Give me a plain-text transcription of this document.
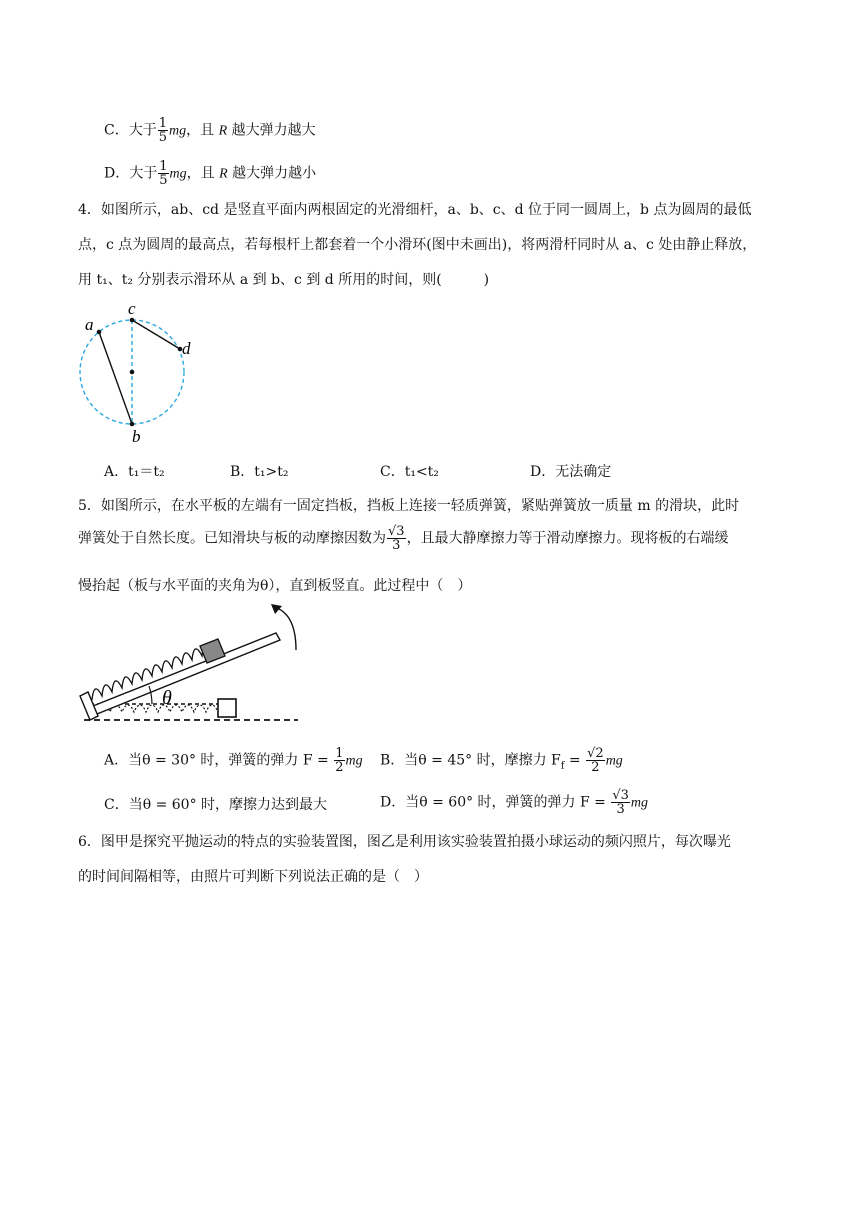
C．大于 $\frac{1}{5}$ mg，且 R 越大弹力越大
D．大于 $\frac{1}{5}$ mg，且 R 越大弹力越小
4．如图所示，ab、cd 是竖直平面内两根固定的光滑细杆，a、b、c、d 位于同一圆周上，b 点为圆周的最低
点，c 点为圆周的最高点，若每根杆上都套着一个小滑环(图中未画出)，将两滑杆同时从 a、c 处由静止释放，
用 t₁、t₂ 分别表示滑环从 a 到 b、c 到 d 所用的时间，则(　　　)
a
c
d
b
A．t₁＝t₂	B．t₁>t₂	C．t₁<t₂	D．无法确定
5．如图所示，在水平板的左端有一固定挡板，挡板上连接一轻质弹簧，紧贴弹簧放一质量 m 的滑块，此时
弹簧处于自然长度。已知滑块与板的动摩擦因数为 $\frac{√3}{3}$ ，且最大静摩擦力等于滑动摩擦力。现将板的右端缓
慢抬起（板与水平面的夹角为θ），直到板竖直。此过程中（　）
θ
A．当θ = 30° 时，弹簧的弹力 $F = \frac{1}{2}$ mg B．当θ = 45° 时，摩擦力 $F_f = \frac{√2}{2}$ mg
C．当θ = 60° 时，摩擦力达到最大	D．当θ = 60° 时，弹簧的弹力 $F = \frac{√3}{3}$ mg
6．图甲是探究平抛运动的特点的实验装置图，图乙是利用该实验装置拍摄小球运动的频闪照片，每次曝光
的时间间隔相等，由照片可判断下列说法正确的是（　）
